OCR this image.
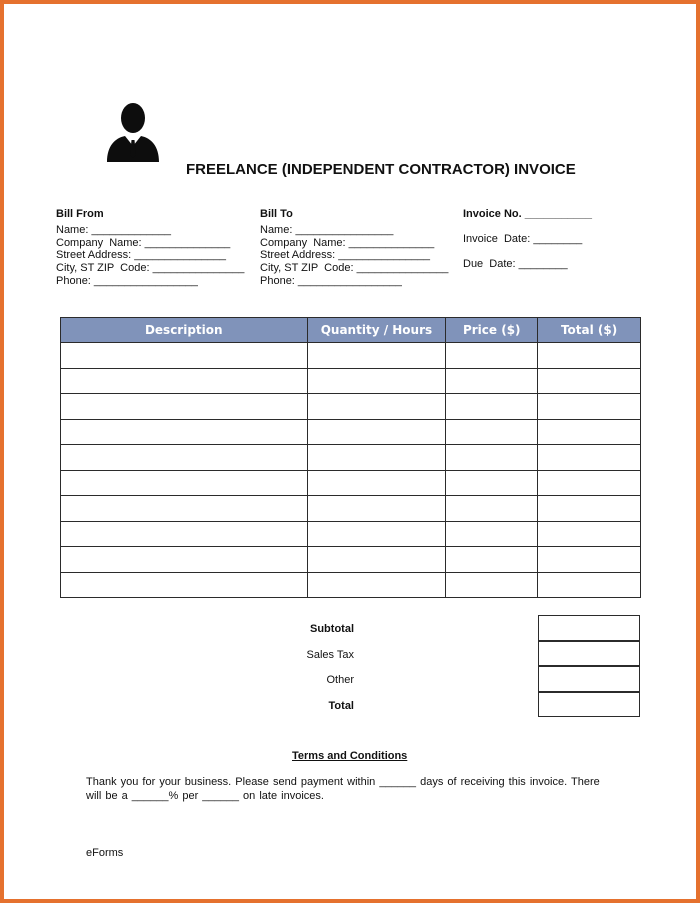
FREELANCE (INDEPENDENT CONTRACTOR) INVOICE
Bill From
Name: _____________
Company  Name: ______________
Street Address: _______________
City, ST ZIP  Code: _______________
Phone: _________________
Bill To
Name: ________________
Company  Name: ______________
Street Address: _______________
City, ST ZIP  Code: _______________
Phone: _________________
Invoice No. ___________
Invoice  Date: ________
Due  Date: ________
Description	Quantity / Hours	Price ($)	Total ($)

Subtotal
Sales Tax
Other
Total
Terms and Conditions
Thank you for your business. Please send payment within ______ days of receiving this invoice. There will be a ______% per ______ on late invoices.
eForms
